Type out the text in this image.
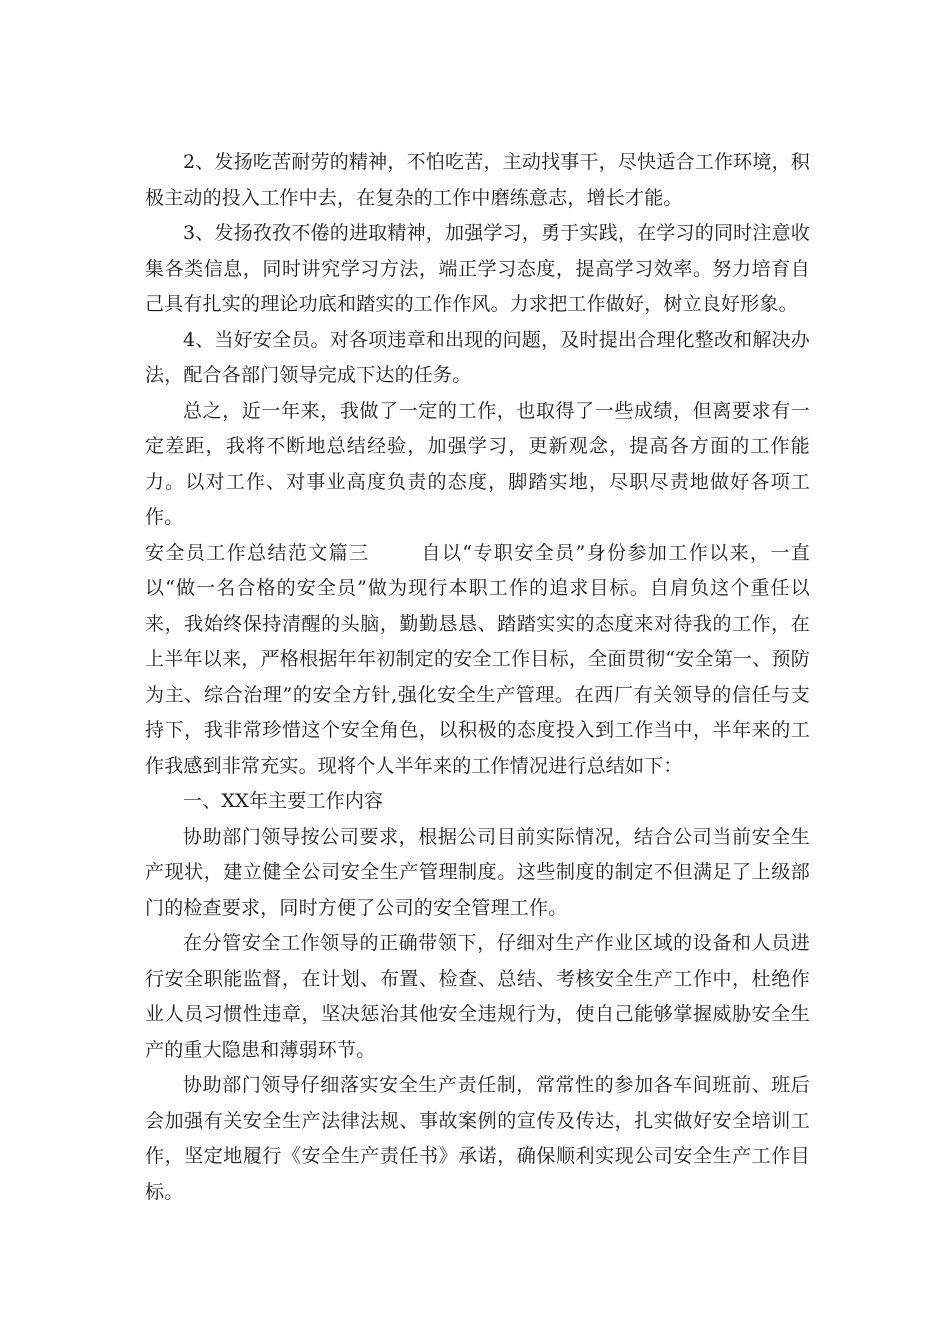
2、发扬吃苦耐劳的精神，不怕吃苦，主动找事干，尽快适合工作环境，积极主动的投入工作中去，在复杂的工作中磨练意志，增长才能。

3、发扬孜孜不倦的进取精神，加强学习，勇于实践，在学习的同时注意收集各类信息，同时讲究学习方法，端正学习态度，提高学习效率。努力培育自己具有扎实的理论功底和踏实的工作作风。力求把工作做好，树立良好形象。

4、当好安全员。对各项违章和出现的问题，及时提出合理化整改和解决办法，配合各部门领导完成下达的任务。

总之，近一年来，我做了一定的工作，也取得了一些成绩，但离要求有一定差距，我将不断地总结经验，加强学习，更新观念，提高各方面的工作能力。以对工作、对事业高度负责的态度，脚踏实地，尽职尽责地做好各项工作。

安全员工作总结范文篇三	自以“专职安全员”身份参加工作以来，一直以“做一名合格的安全员”做为现行本职工作的追求目标。自肩负这个重任以来，我始终保持清醒的头脑，勤勤恳恳、踏踏实实的态度来对待我的工作，在上半年以来，严格根据年年初制定的安全工作目标，全面贯彻“安全第一、预防为主、综合治理”的安全方针,强化安全生产管理。在西厂有关领导的信任与支持下，我非常珍惜这个安全角色，以积极的态度投入到工作当中，半年来的工作我感到非常充实。现将个人半年来的工作情况进行总结如下：

一、XX年主要工作内容

协助部门领导按公司要求，根据公司目前实际情况，结合公司当前安全生产现状，建立健全公司安全生产管理制度。这些制度的制定不但满足了上级部门的检查要求，同时方便了公司的安全管理工作。

在分管安全工作领导的正确带领下，仔细对生产作业区域的设备和人员进行安全职能监督，在计划、布置、检查、总结、考核安全生产工作中，杜绝作业人员习惯性违章，坚决惩治其他安全违规行为，使自己能够掌握威胁安全生产的重大隐患和薄弱环节。

协助部门领导仔细落实安全生产责任制，常常性的参加各车间班前、班后会加强有关安全生产法律法规、事故案例的宣传及传达，扎实做好安全培训工作，坚定地履行《安全生产责任书》承诺，确保顺利实现公司安全生产工作目标。
